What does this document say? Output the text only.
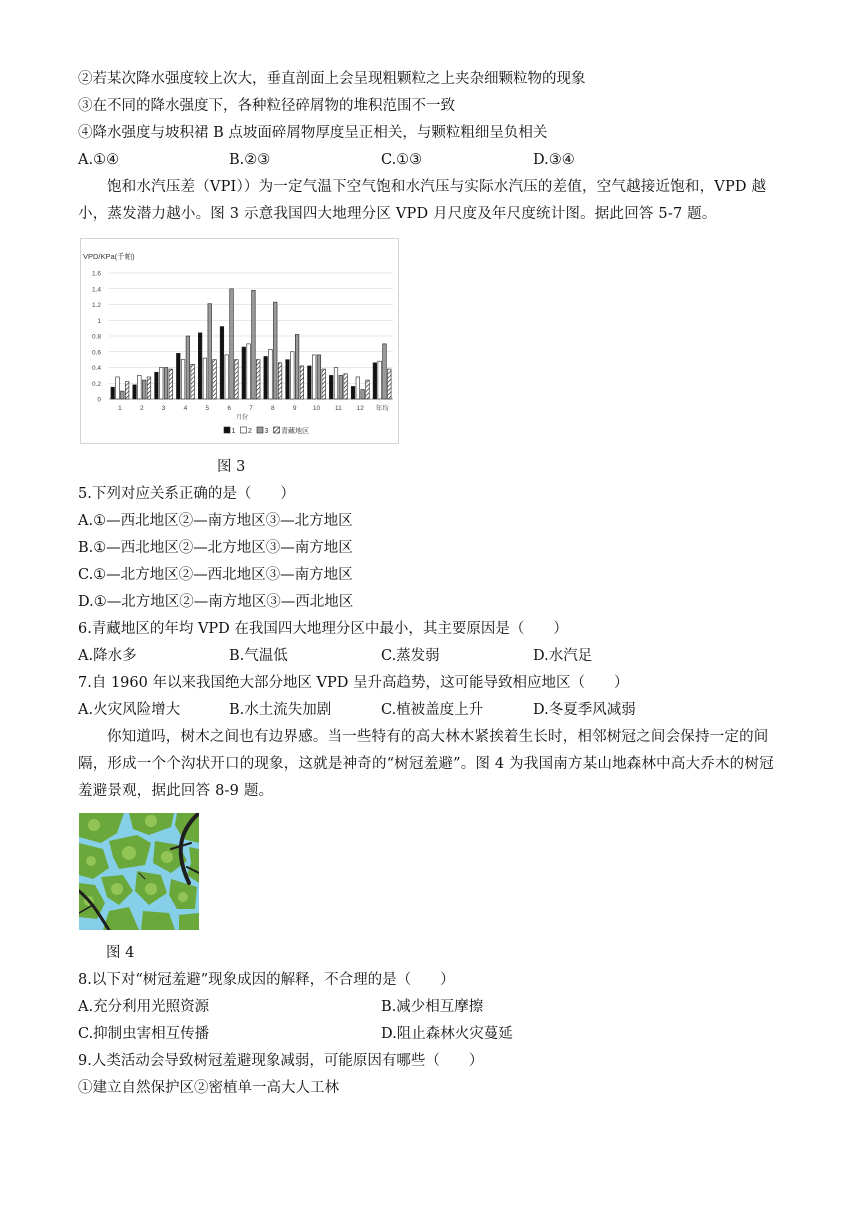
②若某次降水强度较上次大，垂直剖面上会呈现粗颗粒之上夹杂细颗粒物的现象
③在不同的降水强度下，各种粒径碎屑物的堆积范围不一致
④降水强度与坡积裙 B 点坡面碎屑物厚度呈正相关，与颗粒粗细呈负相关
A.①④	B.②③	C.①③	D.③④
饱和水汽压差（VPI））为一定气温下空气饱和水汽压与实际水汽压的差值，空气越接近饱和，VPD 越小，蒸发潜力越小。图 3 示意我国四大地理分区 VPD 月尺度及年尺度统计图。据此回答 5-7 题。
VPD/KPa(千帕)
0
0.2
0.4
0.6
0.8
1
1.2
1.4
1.6
1	2	3	4	5	6	7	8	9	10 11 12 年均
月份
1 2 3 青藏地区
图 3
5.下列对应关系正确的是（　　）
A.①—西北地区②—南方地区③—北方地区
B.①—西北地区②—北方地区③—南方地区
C.①—北方地区②—西北地区③—南方地区
D.①—北方地区②—南方地区③—西北地区
6.青藏地区的年均 VPD 在我国四大地理分区中最小，其主要原因是（　　）
A.降水多	B.气温低	C.蒸发弱	D.水汽足
7.自 1960 年以来我国绝大部分地区 VPD 呈升高趋势，这可能导致相应地区（　　）
A.火灾风险增大	B.水土流失加剧	C.植被盖度上升	D.冬夏季风减弱
你知道吗，树木之间也有边界感。当一些特有的高大林木紧挨着生长时，相邻树冠之间会保持一定的间隔，形成一个个沟状开口的现象，这就是神奇的“树冠羞避”。图 4 为我国南方某山地森林中高大乔木的树冠羞避景观，据此回答 8-9 题。
图 4
8.以下对“树冠羞避”现象成因的解释，不合理的是（　　）
A.充分利用光照资源	B.减少相互摩擦
C.抑制虫害相互传播	D.阻止森林火灾蔓延
9.人类活动会导致树冠羞避现象减弱，可能原因有哪些（　　）
①建立自然保护区②密植单一高大人工林
